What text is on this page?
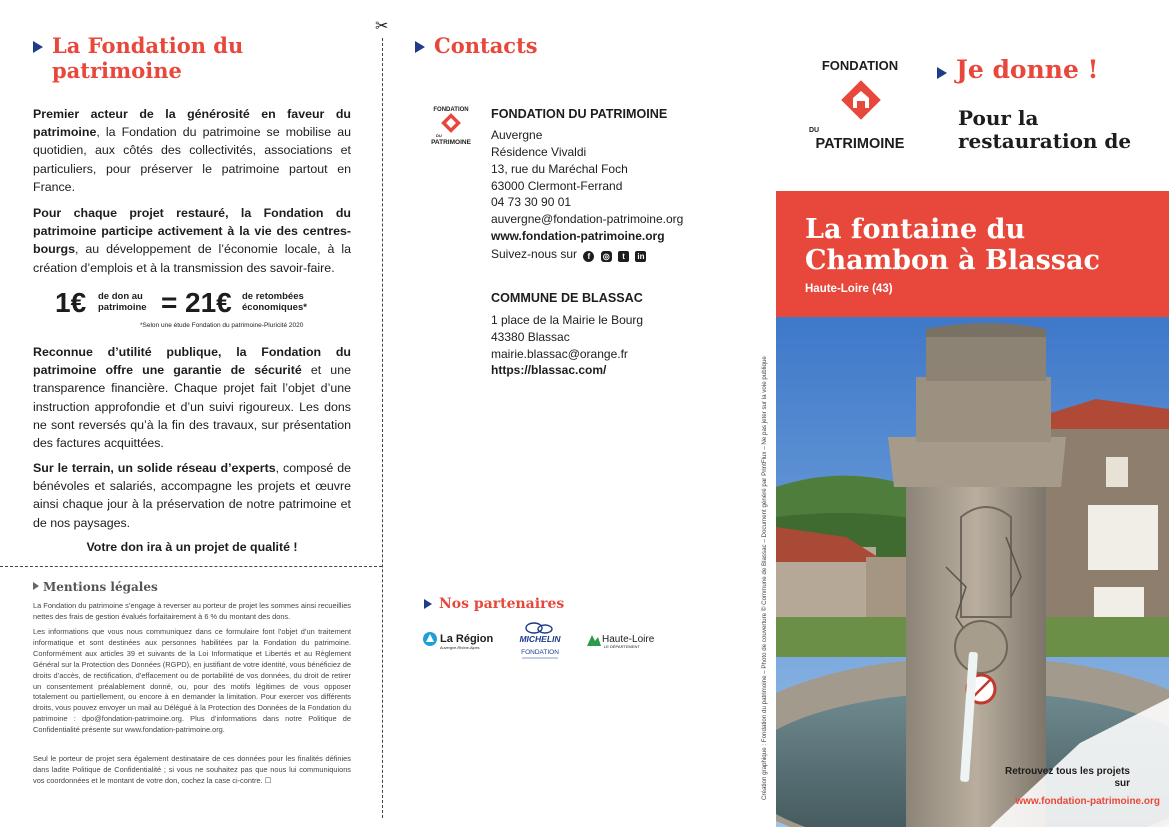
La Fondation du patrimoine

Premier acteur de la générosité en faveur du patrimoine, la Fondation du patrimoine se mobilise au quotidien, aux côtés des collectivités, associations et particuliers, pour préserver le patrimoine partout en France.

Pour chaque projet restauré, la Fondation du patrimoine participe activement à la vie des centres-bourgs, au développement de l’économie locale, à la création d’emplois et à la transmission des savoir-faire.

1€ de don au patrimoine = 21€ de retombées économiques*
*Selon une étude Fondation du patrimoine-Pluricité 2020

Reconnue d’utilité publique, la Fondation du patrimoine offre une garantie de sécurité et une transparence financière. Chaque projet fait l’objet d’une instruction approfondie et d’un suivi rigoureux. Les dons ne sont reversés qu’à la fin des travaux, sur présentation des factures acquittées.

Sur le terrain, un solide réseau d’experts, composé de bénévoles et salariés, accompagne les projets et œuvre ainsi chaque jour à la préservation de notre patrimoine et de nos paysages.

Votre don ira à un projet de qualité !
✂
Mentions légales

La Fondation du patrimoine s’engage à reverser au porteur de projet les sommes ainsi recueillies nettes des frais de gestion évalués forfaitairement à 6 % du montant des dons.

Les informations que vous nous communiquez dans ce formulaire font l’objet d’un traitement informatique et sont destinées aux personnes habilitées par la Fondation du patrimoine. Conformément aux articles 39 et suivants de la Loi Informatique et Libertés et au Règlement Général sur la Protection des Données (RGPD), en justifiant de votre identité, vous bénéficiez de droits d’accès, de rectification, d’effacement ou de portabilité de vos données, du droit de retirer un consentement préalablement donné, ou, pour des motifs légitimes de vous opposer totalement ou partiellement, ou encore à en demander la limitation. Pour exercer vos différents droits, vous pouvez envoyer un mail au Délégué à la Protection des Données de la Fondation du patrimoine : dpo@fondation-patrimoine.org. Plus d’informations dans notre Politique de Confidentialité présente sur www.fondation-patrimoine.org.

Seul le porteur de projet sera également destinataire de ces données pour les finalités définies dans ladite Politique de Confidentialité ; si vous ne souhaitez pas que nous lui communiquions vos coordonnées et le montant de votre don, cochez la case ci-contre. ☐

Contacts
FONDATION
DU
PATRIMOINE
FONDATION DU PATRIMOINE
Auvergne
Résidence Vivaldi
13, rue du Maréchal Foch
63000 Clermont-Ferrand
04 73 30 90 01
auvergne@fondation-patrimoine.org
www.fondation-patrimoine.org
Suivez-nous sur f ◎ t in
COMMUNE DE BLASSAC
1 place de la Mairie le Bourg
43380 Blassac
mairie.blassac@orange.fr
https://blassac.com/
Nos partenaires
La Région
Auvergne-Rhône-Alpes
MICHELIN
FONDATION
Haute-Loire
LE DÉPARTEMENT
FONDATION
DU
PATRIMOINE
Je donne !
Pour la restauration de
La fontaine du Chambon à Blassac
Haute-Loire (43)
Retrouvez tous les projets sur
www.fondation-patrimoine.org
Création graphique : Fondation du patrimoine – Photo de couverture © Commune de Blassac – Document généré par PrintFlux – Ne pas jeter sur la voie publique
